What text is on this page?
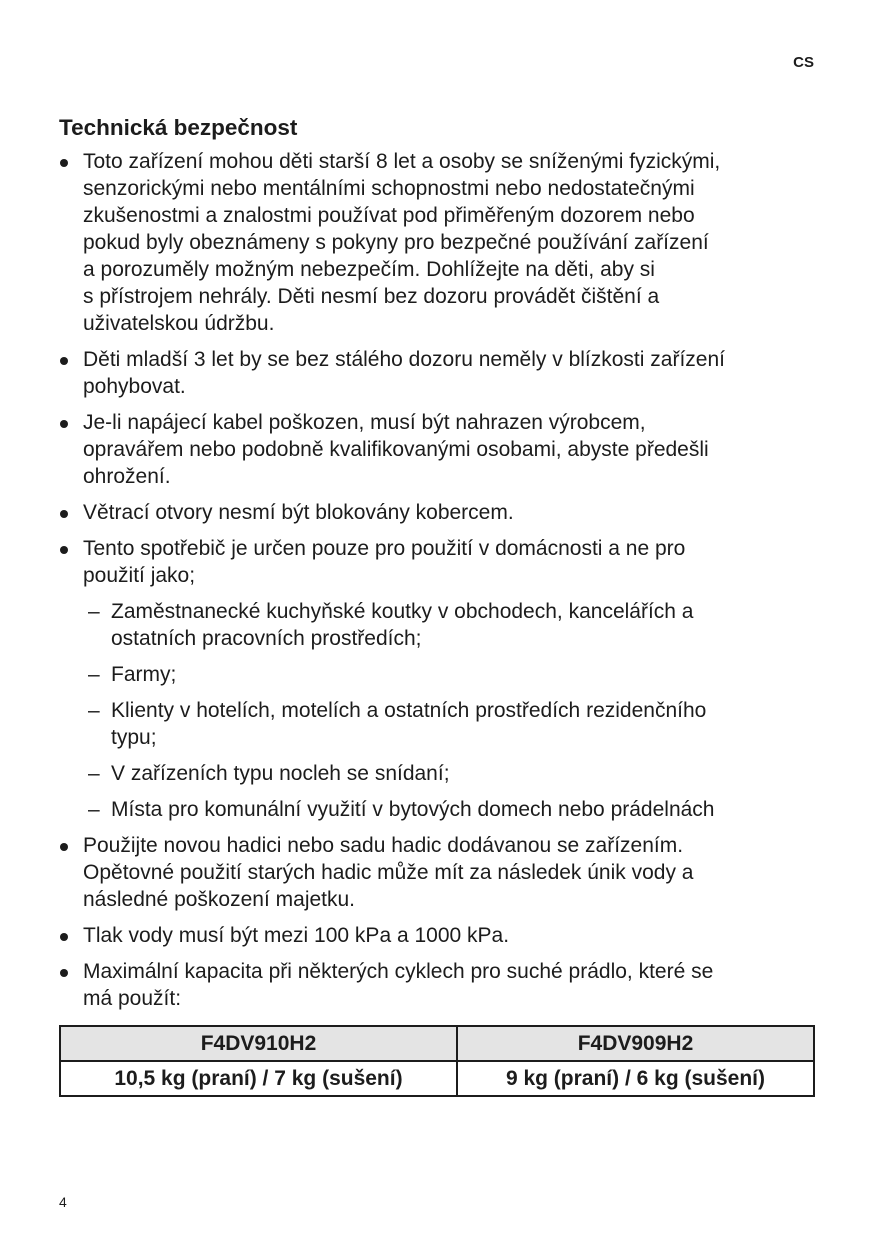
CS
Technická bezpečnost
Toto zařízení mohou děti starší 8 let a osoby se sníženými fyzickými,
senzorickými nebo mentálními schopnostmi nebo nedostatečnými
zkušenostmi a znalostmi používat pod přiměřeným dozorem nebo
pokud byly obeznámeny s pokyny pro bezpečné používání zařízení
a porozuměly možným nebezpečím. Dohlížejte na děti, aby si
s přístrojem nehrály. Děti nesmí bez dozoru provádět čištění a
uživatelskou údržbu.
Děti mladší 3 let by se bez stálého dozoru neměly v blízkosti zařízení
pohybovat.
Je-li napájecí kabel poškozen, musí být nahrazen výrobcem,
opravářem nebo podobně kvalifikovanými osobami, abyste předešli
ohrožení.
Větrací otvory nesmí být blokovány kobercem.
Tento spotřebič je určen pouze pro použití v domácnosti a ne pro
použití jako;
– Zaměstnanecké kuchyňské koutky v obchodech, kancelářích a
ostatních pracovních prostředích;
– Farmy;
– Klienty v hotelích, motelích a ostatních prostředích rezidenčního
typu;
– V zařízeních typu nocleh se snídaní;
– Místa pro komunální využití v bytových domech nebo prádelnách
Použijte novou hadici nebo sadu hadic dodávanou se zařízením.
Opětovné použití starých hadic může mít za následek únik vody a
následné poškození majetku.
Tlak vody musí být mezi 100 kPa a 1000 kPa.
Maximální kapacita při některých cyklech pro suché prádlo, které se
má použít:
F4DV910H2	F4DV909H2
10,5 kg (praní) / 7 kg (sušení)	9 kg (praní) / 6 kg (sušení)
4
